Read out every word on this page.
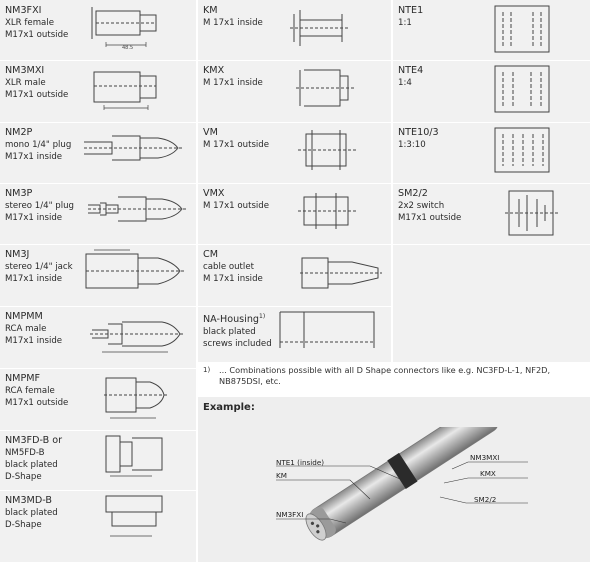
NM3FXI
XLR female
M17x1 outside
48.5
NM3MXI
XLR male
M17x1 outside
NM2P
mono 1/4" plug
M17x1 inside
NM3P
stereo 1/4" plug
M17x1 inside
NM3J
stereo 1/4" jack
M17x1 inside
NMPMM
RCA male
M17x1 inside
NMPMF
RCA female
M17x1 outside
NM3FD-B or
NM5FD-B
black plated
D-Shape
NM3MD-B
black plated
D-Shape
KM
M 17x1 inside
KMX
M 17x1 inside
VM
M 17x1 outside
VMX
M 17x1 outside
CM
cable outlet
M 17x1 inside
NA-Housing$^{1)}$
black plated
screws included
NTE1
1:1
NTE4
1:4
NTE10/3
1:3:10
SM2/2
2x2 switch
M17x1 outside
1) ... Combinations possible with all D Shape connectors like e.g. NC3FD-L-1, NF2D, NB875DSI, etc.
Example:
NTE1 (inside)
KM
NM3FXI
NM3MXI
KMX
SM2/2
